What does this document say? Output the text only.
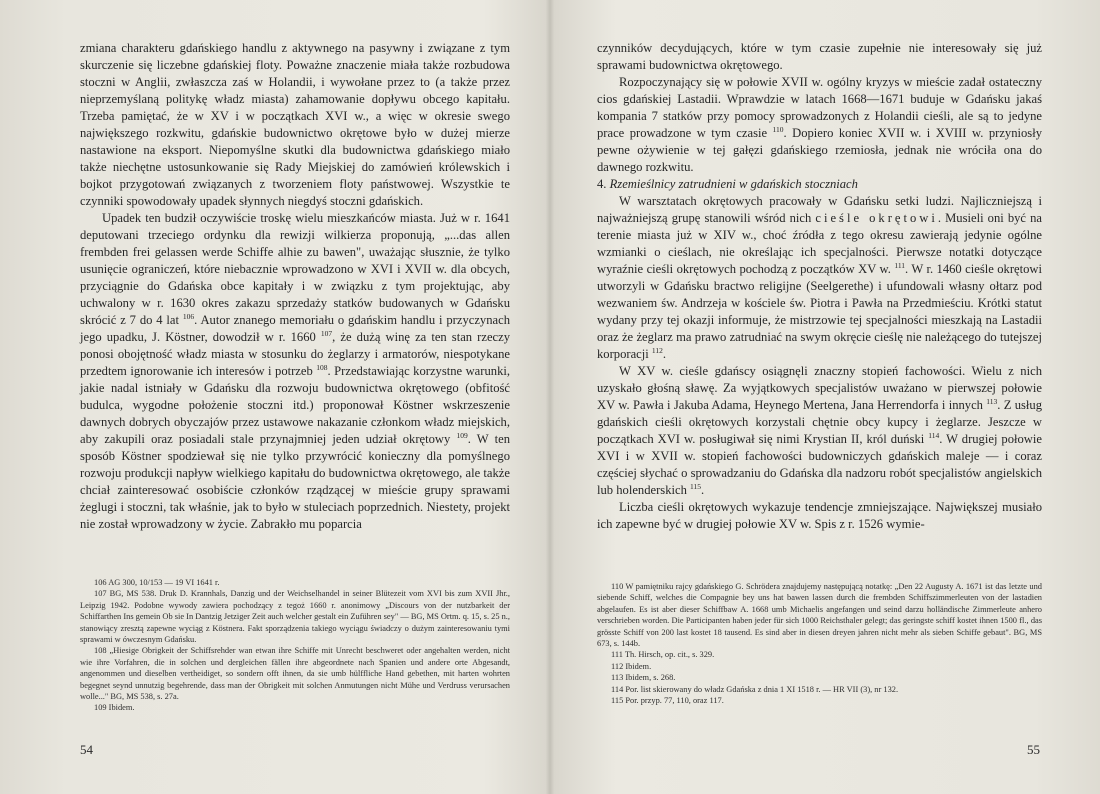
zmiana charakteru gdańskiego handlu z aktywnego na pasywny i związane z tym skurczenie się liczebne gdańskiej floty. Poważne znaczenie miała także rozbudowa stoczni w Anglii, zwłaszcza zaś w Holandii, i wywołane przez to (a także przez nieprzemyślaną politykę władz miasta) zahamowanie dopływu obcego kapitału. Trzeba pamiętać, że w XV i w początkach XVI w., a więc w okresie swego największego rozkwitu, gdańskie budownictwo okrętowe było w dużej mierze nastawione na eksport. Niepomyślne skutki dla budownictwa gdańskiego miało także niechętne ustosunkowanie się Rady Miejskiej do zamówień królewskich i bojkot przygotowań związanych z tworzeniem floty państwowej. Wszystkie te czynniki spowodowały upadek słynnych niegdyś stoczni gdańskich.

Upadek ten budził oczywiście troskę wielu mieszkańców miasta. Już w r. 1641 deputowani trzeciego ordynku dla rewizji wilkierza proponują, „...das allen frembden frei gelassen werde Schiffe alhie zu bawen", uważając słusznie, że tylko usunięcie ograniczeń, które niebacznie wprowadzono w XVI i XVII w. dla obcych, przyciągnie do Gdańska obce kapitały i w związku z tym projektując, aby uchwalony w r. 1630 okres zakazu sprzedaży statków budowanych w Gdańsku skrócić z 7 do 4 lat $^{106}$. Autor znanego memoriału o gdańskim handlu i przyczynach jego upadku, J. Köstner, dowodził w r. 1660 $^{107}$, że dużą winę za ten stan rzeczy ponosi obojętność władz miasta w stosunku do żeglarzy i armatorów, niespotykane przedtem ignorowanie ich interesów i potrzeb $^{108}$. Przedstawiając korzystne warunki, jakie nadal istniały w Gdańsku dla rozwoju budownictwa okrętowego (obfitość budulca, wygodne położenie stoczni itd.) proponował Köstner wskrzeszenie dawnych dobrych obyczajów przez ustawowe nakazanie członkom władz miejskich, aby zakupili oraz posiadali stale przynajmniej jeden udział okrętowy $^{109}$. W ten sposób Köstner spodziewał się nie tylko przywrócić konieczny dla pomyślnego rozwoju produkcji napływ wielkiego kapitału do budownictwa okrętowego, ale także chciał zainteresować osobiście członków rządzącej w mieście grupy sprawami żeglugi i stoczni, tak właśnie, jak to było w stuleciach poprzednich. Niestety, projekt nie został wprowadzony w życie. Zabrakło mu poparcia

106 AG 300, 10/153 — 19 VI 1641 r.

107 BG, MS 538. Druk D. Krannhals, Danzig und der Weichselhandel in seiner Blütezeit vom XVI bis zum XVII Jhr., Leipzig 1942. Podobne wywody zawiera pochodzący z tegoż 1660 r. anonimowy „Discours von der nutzbarkeit der Schiffarthen Ins gemein Ob sie In Dantzig Jetziger Zeit auch welcher gestalt ein Zuführen sey" — BG, MS Ortm. q. 15, s. 25 n., stanowiący zresztą zapewne wyciąg z Köstnera. Fakt sporządzenia takiego wyciągu świadczy o dużym zainteresowaniu tymi sprawami w ówczesnym Gdańsku.

108 „Hiesige Obrigkeit der Schiffsrehder wan etwan ihre Schiffe mit Unrecht beschweret oder angehalten werden, nicht wie ihre Vorfahren, die in solchen und dergleichen fällen ihre abgeordnete nach Spanien und andere orte Abgesandt, angenommen und dieselben vertheidiget, so sondern offt ihnen, da sie umb hülffliche Hand gebethen, mit harten wohrten begegnet seynd unnutzig begehrende, dass man der Obrigkeit mit solchen Anmutungen nicht Mühe und Verdruss verursachen wolle..." BG, MS 538, s. 27a.

109 Ibidem.

54

czynników decydujących, które w tym czasie zupełnie nie interesowały się już sprawami budownictwa okrętowego.

Rozpoczynający się w połowie XVII w. ogólny kryzys w mieście zadał ostateczny cios gdańskiej Lastadii. Wprawdzie w latach 1668—1671 buduje w Gdańsku jakaś kompania 7 statków przy pomocy sprowadzonych z Holandii cieśli, ale są to jedyne prace prowadzone w tym czasie $^{110}$. Dopiero koniec XVII w. i XVIII w. przyniosły pewne ożywienie w tej gałęzi gdańskiego rzemiosła, jednak nie wróciła ona do dawnego rozkwitu.

4. Rzemieślnicy zatrudnieni w gdańskich stoczniach

W warsztatach okrętowych pracowały w Gdańsku setki ludzi. Najliczniejszą i najważniejszą grupę stanowili wśród nich cieśle okrętowi. Musieli oni być na terenie miasta już w XIV w., choć źródła z tego okresu zawierają jedynie ogólne wzmianki o cieślach, nie określając ich specjalności. Pierwsze notatki dotyczące wyraźnie cieśli okrętowych pochodzą z początków XV w. $^{111}$. W r. 1460 cieśle okrętowi utworzyli w Gdańsku bractwo religijne (Seelgerethe) i ufundowali własny ołtarz pod wezwaniem św. Andrzeja w kościele św. Piotra i Pawła na Przedmieściu. Krótki statut wydany przy tej okazji informuje, że mistrzowie tej specjalności mieszkają na Lastadii oraz że żeglarz ma prawo zatrudniać na swym okręcie cieślę nie należącego do tutejszej korporacji $^{112}$.

W XV w. cieśle gdańscy osiągnęli znaczny stopień fachowości. Wielu z nich uzyskało głośną sławę. Za wyjątkowych specjalistów uważano w pierwszej połowie XV w. Pawła i Jakuba Adama, Heynego Mertena, Jana Herrendorfa i innych $^{113}$. Z usług gdańskich cieśli okrętowych korzystali chętnie obcy kupcy i żeglarze. Jeszcze w początkach XVI w. posługiwał się nimi Krystian II, król duński $^{114}$. W drugiej połowie XVI i w XVII w. stopień fachowości budowniczych gdańskich maleje — i coraz częściej słychać o sprowadzaniu do Gdańska dla nadzoru robót specjalistów angielskich lub holenderskich $^{115}$.

Liczba cieśli okrętowych wykazuje tendencje zmniejszające. Największej musiało ich zapewne być w drugiej połowie XV w. Spis z r. 1526 wymie-

110 W pamiętniku rajcy gdańskiego G. Schrödera znajdujemy następującą notatkę: „Den 22 Augusty A. 1671 ist das letzte und siebende Schiff, welches die Compagnie bey uns hat bawen lassen durch die frembden Schiffszimmerleuten von der lastadien abgelaufen. Es ist aber dieser Schiffbaw A. 1668 umb Michaelis angefangen und seind darzu holländische Zimmerleute anhero verschrieben worden. Die Participanten haben jeder für sich 1000 Reichsthaler gelegt; das geringste schiff kostet ihnen 1500 fl., das grösste Schiff von 200 last kostet 18 tausend. Es sind aber in diesen dreyen jahren nicht mehr als sieben Schiffe gebaut". BG, MS 673, s. 144b.

111 Th. Hirsch, op. cit., s. 329.

112 Ibidem.

113 Ibidem, s. 268.

114 Por. list skierowany do władz Gdańska z dnia 1 XI 1518 r. — HR VII (3), nr 132.

115 Por. przyp. 77, 110, oraz 117.

55
